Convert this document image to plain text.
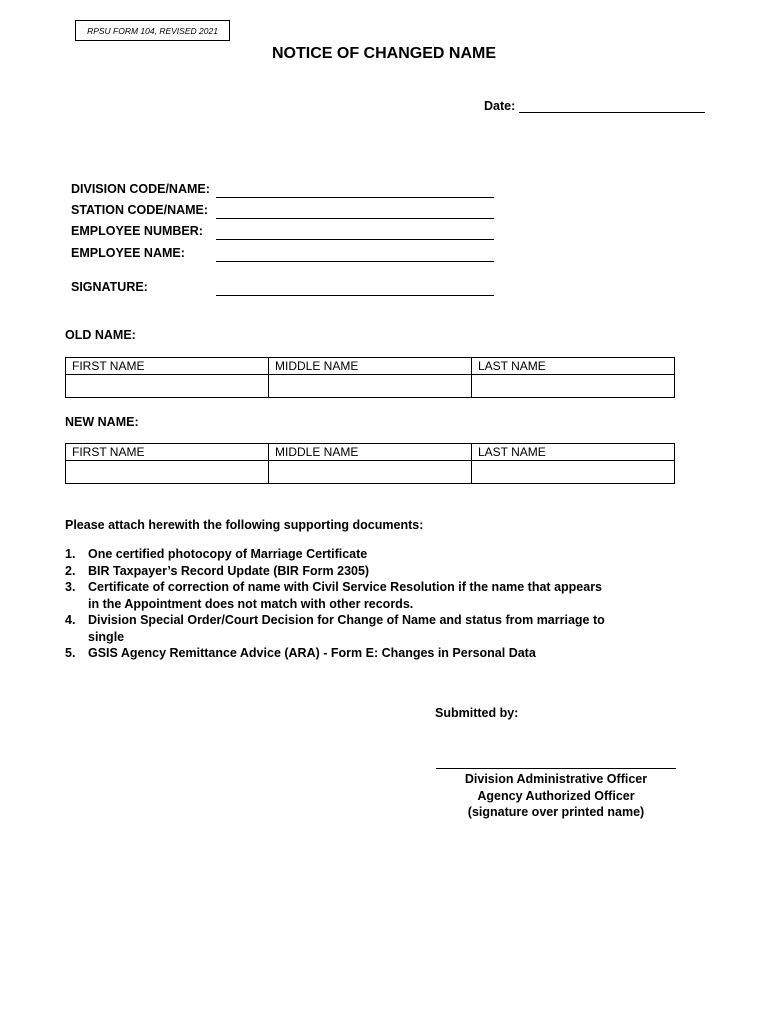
RPSU FORM 104, REVISED 2021
NOTICE OF CHANGED NAME
Date:
DIVISION CODE/NAME:
STATION CODE/NAME:
EMPLOYEE NUMBER:
EMPLOYEE NAME:
SIGNATURE:
OLD NAME:
FIRST NAME	MIDDLE NAME	LAST NAME

NEW NAME:
FIRST NAME	MIDDLE NAME	LAST NAME

Please attach herewith the following supporting documents:
1.	One certified photocopy of Marriage Certificate
2.	BIR Taxpayer’s Record Update (BIR Form 2305)
3.	Certificate of correction of name with Civil Service Resolution if the name that appears in the Appointment does not match with other records.
4.	Division Special Order/Court Decision for Change of Name and status from marriage to single
5.	GSIS Agency Remittance Advice (ARA) - Form E: Changes in Personal Data
Submitted by:
Division Administrative Officer
Agency Authorized Officer
(signature over printed name)
